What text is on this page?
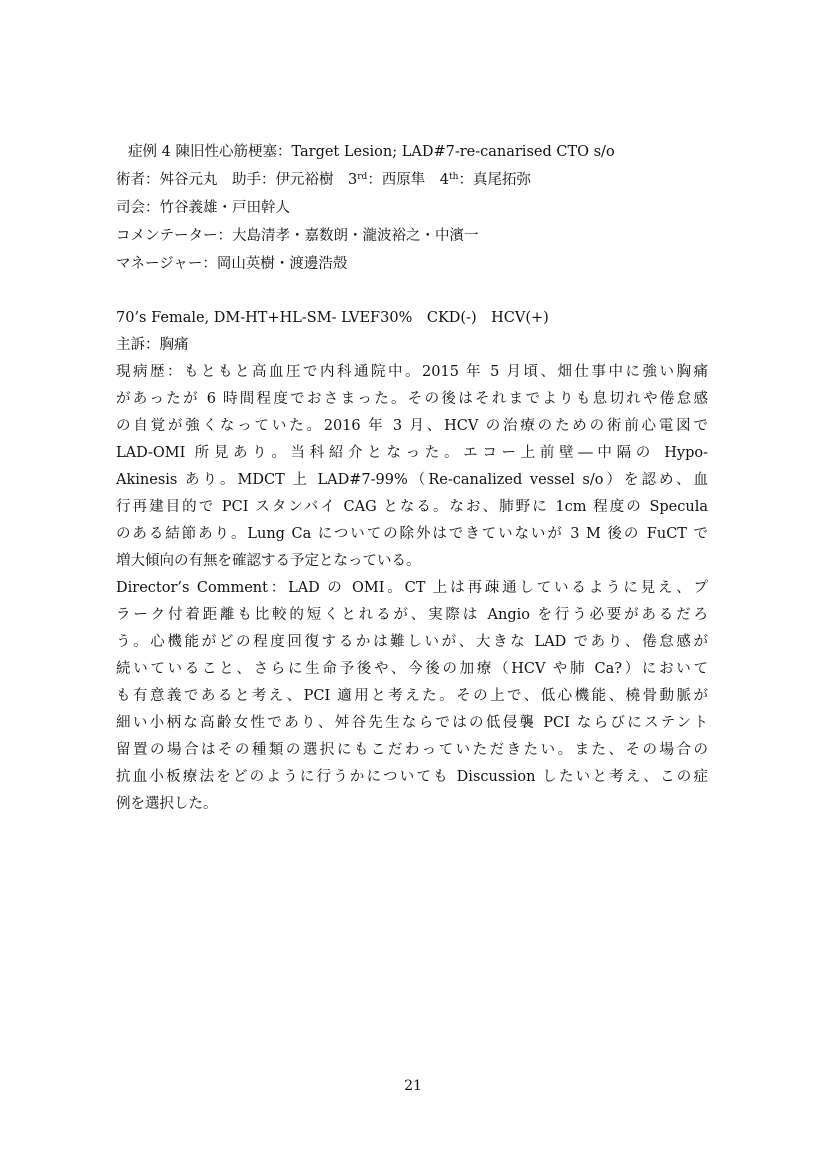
症例 4 陳旧性心筋梗塞：Target Lesion; LAD#7-re-canarised CTO s/o
術者：舛谷元丸　助手：伊元裕樹　3rd：西原隼　4th：真尾拓弥
司会：竹谷義雄・戸田幹人
コメンテーター：大島清孝・嘉数朗・瀧波裕之・中濱一
マネージャー：岡山英樹・渡邊浩殻
70’s Female, DM-HT+HL-SM- LVEF30%　CKD(-)　HCV(+)
主訴：胸痛
現病歴：もともと高血圧で内科通院中。2015 年 5 月頃、畑仕事中に強い胸痛
があったが 6 時間程度でおさまった。その後はそれまでよりも息切れや倦怠感
の自覚が強くなっていた。2016 年 3 月、HCV の治療のための術前心電図で
LAD-OMI 所見あり。当科紹介となった。エコー上前壁―中隔の Hypo-
Akinesis あり。MDCT 上 LAD#7-99%（Re-canalized vessel s/o）を認め、血
行再建目的で PCI スタンバイ CAG となる。なお、肺野に 1cm 程度の Specula
のある結節あり。Lung Ca についての除外はできていないが 3 M 後の FuCT で
増大傾向の有無を確認する予定となっている。
Director’s Comment：LAD の OMI。CT 上は再疎通しているように見え、プ
ラーク付着距離も比較的短くとれるが、実際は Angio を行う必要があるだろ
う。心機能がどの程度回復するかは難しいが、大きな LAD であり、倦怠感が
続いていること、さらに生命予後や、今後の加療（HCV や肺 Ca?）において
も有意義であると考え、PCI 適用と考えた。その上で、低心機能、橈骨動脈が
細い小柄な高齢女性であり、舛谷先生ならではの低侵襲 PCI ならびにステント
留置の場合はその種類の選択にもこだわっていただきたい。また、その場合の
抗血小板療法をどのように行うかについても Discussion したいと考え、この症
例を選択した。
21
